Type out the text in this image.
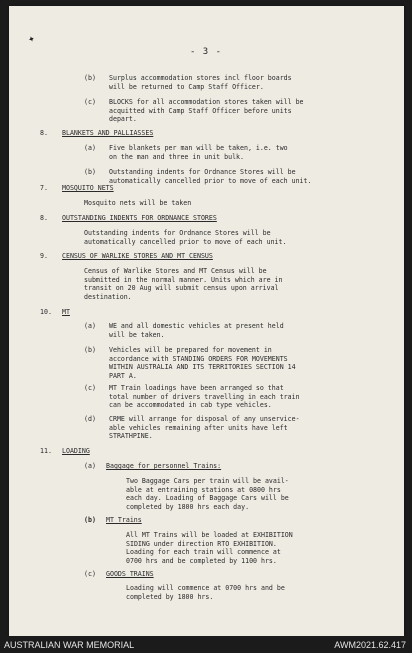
✦
- 3 -
(b) Surplus accommodation stores incl floor boards
will be returned to Camp Staff Officer.
(c) BLOCKS for all accommodation stores taken will be
acquitted with Camp Staff Officer before units
depart.
8. BLANKETS AND PALLIASSES
(a) Five blankets per man will be taken, i.e. two
on the man and three in unit bulk.
(b) Outstanding indents for Ordnance Stores will be
automatically cancelled prior to move of each unit.
7. MOSQUITO NETS
Mosquito nets will be taken
8. OUTSTANDING INDENTS FOR ORDNANCE STORES
Outstanding indents for Ordnance Stores will be
automatically cancelled prior to move of each unit.
9. CENSUS OF WARLIKE STORES AND MT CENSUS
Census of Warlike Stores and MT Census will be
submitted in the normal manner. Units which are in
transit on 20 Aug will submit census upon arrival
destination.
10. MT
(a) WE and all domestic vehicles at present held
will be taken.
(b) Vehicles will be prepared for movement in
accordance with STANDING ORDERS FOR MOVEMENTS
WITHIN AUSTRALIA AND ITS TERRITORIES SECTION 14
PART A.
(c) MT Train loadings have been arranged so that
total number of drivers travelling in each train
can be accommodated in cab type vehicles.
(d) CRME will arrange for disposal of any unservice-
able vehicles remaining after units have left
STRATHPINE.
11. LOADING
(a) Baggage for personnel Trains:
Two Baggage Cars per train will be avail-
able at entraining stations at 0800 hrs
each day. Loading of Baggage Cars will be
completed by 1800 hrs each day.
(b) MT Trains
All MT Trains will be loaded at EXHIBITION
SIDING under direction RTO EXHIBITION.
Loading for each train will commence at
0700 hrs and be completed by 1100 hrs.
(c) GOODS TRAINS
Loading will commence at 0700 hrs and be
completed by 1800 hrs.
AUSTRALIAN WAR MEMORIAL	AWM2021.62.417
